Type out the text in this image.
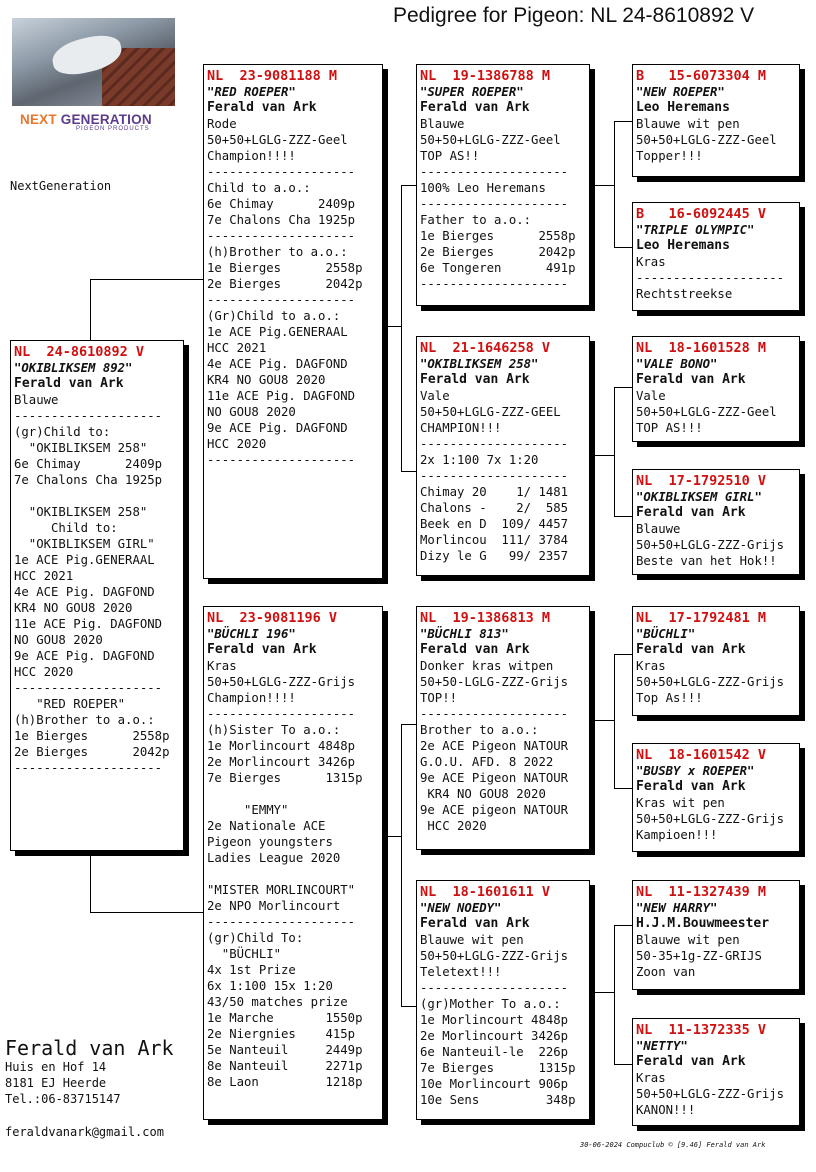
Pedigree for Pigeon: NL 24-8610892 V
NEXT GENERATION
PIGEON PRODUCTS
NextGeneration
NL  24-8610892 V
"OKIBLIKSEM 892"
Ferald van Ark
Blauwe
--------------------
(gr)Child to:
"OKIBLIKSEM 258"
6e Chimay      2409p
7e Chalons Cha 1925p
"OKIBLIKSEM 258"
Child to:
"OKIBLIKSEM GIRL"
1e ACE Pig.GENERAAL
HCC 2021
4e ACE Pig. DAGFOND
KR4 NO GOU8 2020
11e ACE Pig. DAGFOND
NO GOU8 2020
9e ACE Pig. DAGFOND
HCC 2020
--------------------
"RED ROEPER"
(h)Brother to a.o.:
1e Bierges      2558p
2e Bierges      2042p
--------------------
NL  23-9081188 M
"RED ROEPER"
Ferald van Ark
Rode
50+50+LGLG-ZZZ-Geel
Champion!!!!
--------------------
Child to a.o.:
6e Chimay      2409p
7e Chalons Cha 1925p
--------------------
(h)Brother to a.o.:
1e Bierges      2558p
2e Bierges      2042p
--------------------
(Gr)Child to a.o.:
1e ACE Pig.GENERAAL
HCC 2021
4e ACE Pig. DAGFOND
KR4 NO GOU8 2020
11e ACE Pig. DAGFOND
NO GOU8 2020
9e ACE Pig. DAGFOND
HCC 2020
--------------------
NL  23-9081196 V
"BÜCHLI 196"
Ferald van Ark
Kras
50+50+LGLG-ZZZ-Grijs
Champion!!!!
--------------------
(h)Sister To a.o.:
1e Morlincourt 4848p
2e Morlincourt 3426p
7e Bierges      1315p
"EMMY"
2e Nationale ACE
Pigeon youngsters
Ladies League 2020
"MISTER MORLINCOURT"
2e NPO Morlincourt
--------------------
(gr)Child To:
"BÜCHLI"
4x 1st Prize
6x 1:100 15x 1:20
43/50 matches prize
1e Marche       1550p
2e Niergnies    415p
5e Nanteuil     2449p
8e Nanteuil     2271p
8e Laon         1218p
NL  19-1386788 M
"SUPER ROEPER"
Ferald van Ark
Blauwe
50+50+LGLG-ZZZ-Geel
TOP AS!!
--------------------
100% Leo Heremans
--------------------
Father to a.o.:
1e Bierges      2558p
2e Bierges      2042p
6e Tongeren      491p
--------------------
NL  21-1646258 V
"OKIBLIKSEM 258"
Ferald van Ark
Vale
50+50+LGLG-ZZZ-GEEL
CHAMPION!!!
--------------------
2x 1:100 7x 1:20
--------------------
Chimay 20    1/ 1481
Chalons -    2/  585
Beek en D  109/ 4457
Morlincou  111/ 3784
Dizy le G   99/ 2357
NL  19-1386813 M
"BÜCHLI 813"
Ferald van Ark
Donker kras witpen
50+50-LGLG-ZZZ-Grijs
TOP!!
--------------------
Brother to a.o.:
2e ACE Pigeon NATOUR
G.O.U. AFD. 8 2022
9e ACE Pigeon NATOUR
KR4 NO GOU8 2020
9e ACE pigeon NATOUR
HCC 2020
NL  18-1601611 V
"NEW NOEDY"
Ferald van Ark
Blauwe wit pen
50+50+LGLG-ZZZ-Grijs
Teletext!!!
--------------------
(gr)Mother To a.o.:
1e Morlincourt 4848p
2e Morlincourt 3426p
6e Nanteuil-le  226p
7e Bierges      1315p
10e Morlincourt 906p
10e Sens         348p
B   15-6073304 M
"NEW ROEPER"
Leo Heremans
Blauwe wit pen
50+50+LGLG-ZZZ-Geel
Topper!!!
B   16-6092445 V
"TRIPLE OLYMPIC"
Leo Heremans
Kras
--------------------
Rechtstreekse
NL  18-1601528 M
"VALE BONO"
Ferald van Ark
Vale
50+50+LGLG-ZZZ-Geel
TOP AS!!!
NL  17-1792510 V
"OKIBLIKSEM GIRL"
Ferald van Ark
Blauwe
50+50+LGLG-ZZZ-Grijs
Beste van het Hok!!
NL  17-1792481 M
"BÜCHLI"
Ferald van Ark
Kras
50+50+LGLG-ZZZ-Grijs
Top As!!!
NL  18-1601542 V
"BUSBY x ROEPER"
Ferald van Ark
Kras wit pen
50+50+LGLG-ZZZ-Grijs
Kampioen!!!
NL  11-1327439 M
"NEW HARRY"
H.J.M.Bouwmeester
Blauwe wit pen
50-35+1g-ZZ-GRIJS
Zoon van
NL  11-1372335 V
"NETTY"
Ferald van Ark
Kras
50+50+LGLG-ZZZ-Grijs
KANON!!!
Ferald van Ark
Huis en Hof 14
8181 EJ Heerde
Tel.:06-83715147
feraldvanark@gmail.com
30-06-2024 Compuclub © [9.46] Ferald van Ark
